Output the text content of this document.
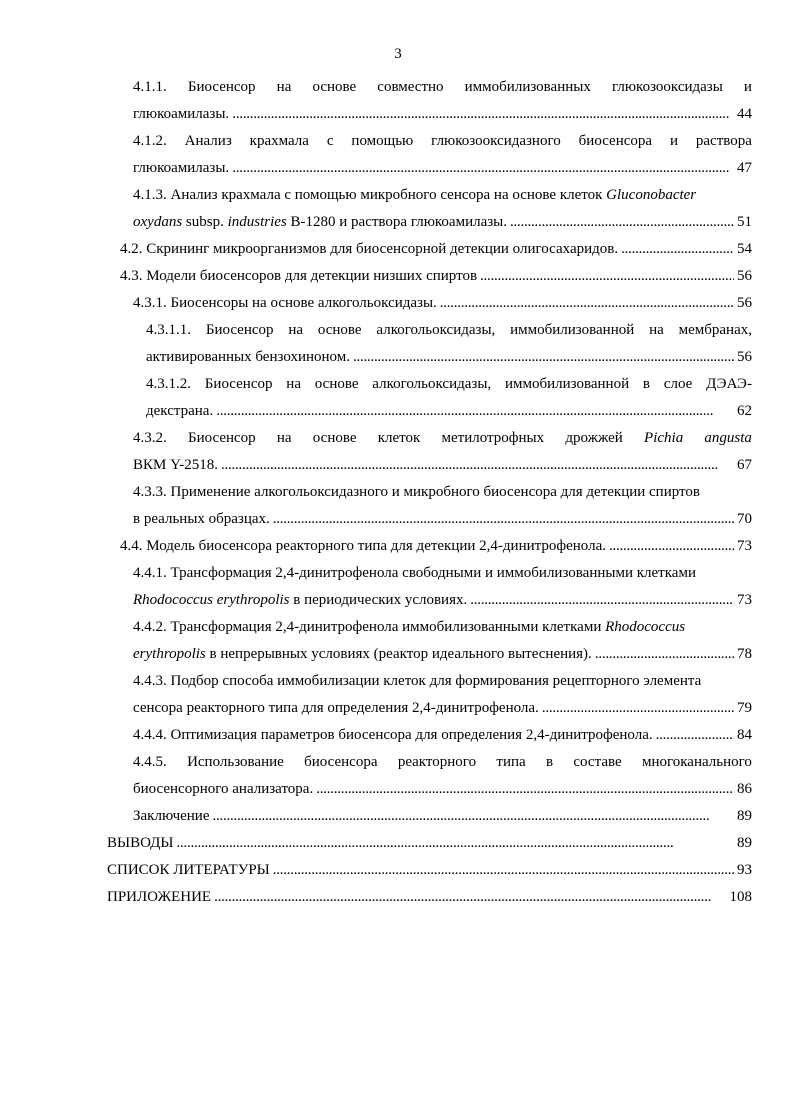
3
4.1.1. Биосенсор на основе совместно иммобилизованных глюкозооксидазы и
глюкоамилазы. . . .	44
4.1.2. Анализ крахмала с помощью глюкозооксидазного биосенсора и раствора
глюкоамилазы. . . .	47
4.1.3. Анализ крахмала с помощью микробного сенсора на основе клеток Gluconobacter
oxydans subsp. industries B-1280 и раствора глюкоамилазы. . . .	51
4.2. Скрининг микроорганизмов для биосенсорной детекции олигосахаридов. . . .	54
4.3. Модели биосенсоров для детекции низших спиртов . . .	56
4.3.1. Биосенсоры на основе алкогольоксидазы. . . .	56
4.3.1.1. Биосенсор на основе алкогольоксидазы, иммобилизованной на мембранах,
активированных бензохиноном. . . .	56
4.3.1.2. Биосенсор на основе алкогольоксидазы, иммобилизованной в слое ДЭАЭ-
декстрана. . . .	62
4.3.2. Биосенсор на основе клеток метилотрофных дрожжей Pichia angusta
ВКМ Y-2518. . . .	67
4.3.3. Применение алкогольоксидазного и микробного биосенсора для детекции спиртов
в реальных образцах. . . .	70
4.4. Модель биосенсора реакторного типа для детекции 2,4-динитрофенола. . . .	73
4.4.1. Трансформация 2,4-динитрофенола свободными и иммобилизованными клетками
Rhodococcus erythropolis в периодических условиях. . . .	73
4.4.2. Трансформация 2,4-динитрофенола иммобилизованными клетками Rhodococcus
erythropolis в непрерывных условиях (реактор идеального вытеснения). . . .	78
4.4.3. Подбор способа иммобилизации клеток для формирования рецепторного элемента
сенсора реакторного типа для определения 2,4-динитрофенола. . . .	79
4.4.4. Оптимизация параметров биосенсора для определения 2,4-динитрофенола. . . .	84
4.4.5. Использование биосенсора реакторного типа в составе многоканального
биосенсорного анализатора. . . .	86
Заключение . . .	89
ВЫВОДЫ . . .	89
СПИСОК ЛИТЕРАТУРЫ . . .	93
ПРИЛОЖЕНИЕ . . .	108
